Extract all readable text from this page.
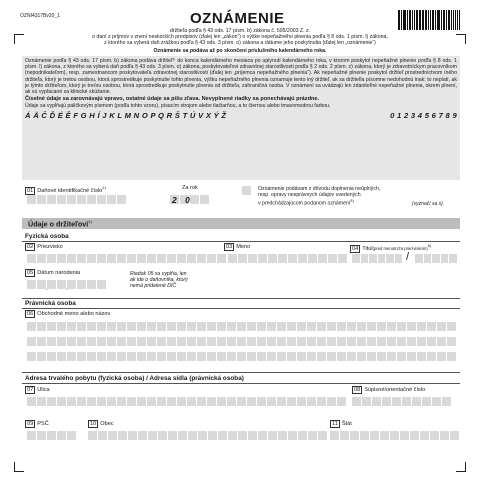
OZNI4317Bv20_1	OZNÁMENIE
držiteľa podľa § 43 ods. 17 písm. b) zákona č. 595/2003 Z. z.
o daní z príjmov v znení neskorších predpisov (ďalej len „zákon“) o výške nepeňažného plnenia podľa § 8 ods. 1 písm. l) zákona,
z ktorého sa vyberá daň zrážkou podľa § 43 ods. 3 písm. o) zákona a dátume jeho poskytnutia (ďalej len „oznámenie“)
Oznámenie sa podáva až po skončení príslušného kalendárneho roka.
Oznámenie podľa § 43 ods. 17 písm. b) zákona podáva držiteľ¹⁾ do konca kalendárneho mesiaca po uplynutí kalendárneho roka, v ktorom poskytol nepeňažné plnenie podľa § 8 ods. 1 písm. l) zákona, z ktorého sa vyberá daň podľa § 43 ods. 3 písm. o) zákona, poskytovateľovi zdravotnej starostlivosti podľa § 2 ods. 2 písm. z) zákona, ktorý je zdravotníckym pracovníkom (nepodnikateľom), resp. zamestnancom poskytovateľa zdravotnej starostlivosti (ďalej len „príjemca nepeňažného plnenia“). Ak nepeňažné plnenie poskytol držiteľ prostredníctvom iného držiteľa, ktorý je tretou osobou, ktorá sprostredkuje poskytnutie tohto plnenia, výšku nepeňažného plnenia oznamuje tento iný držiteľ, ak sa držiteľia písomne nedohodnú inak; to neplatí, ak je týmto držiteľom, ktorý je treťou osobou, ktorá sprostredkuje poskytnutie plnenia od držiteľa, zahraničná osoba. V oznámení sa uvádzajú len zdaniteľné nepeňažné plnenia, okrem plnení, ak sú vyplácané za klinické skúšanie.
Číselné údaje sa zarovnávajú vpravo, ostatné údaje sa píšu zľava. Nevyplnené riadky sa ponechávajú prázdne.
Údaje sa vypĺňajú paličkovým písmom (podľa tohto vzoru), písacím strojom alebo tlačiarňou, a to čiernou alebo tmavomodrou farbou.
Á Ä Č Ď É Ě F G H Í J K L M N O P Q R Š T Ú V X Ý Ž	0 1 2 3 4 5 6 7 8 9
01 Daňové identifikačné číslo$^{2)}$	Za rok
2 0
Oznámenie podávam z dôvodu doplnenia neúplných,
resp. opravy nesprávnych údajov uvedených
v predchádzajúcom podanom oznámení$^{3)}$
(vyznačí sa x)
Údaje o držiteľovi$^{4)}$
Fyzická osoba
02 Priezvisko	03 Meno	04 Titul(pred menom/za priezviskom)$^{5)}$
/
05 Dátum narodenia
.	.
Riadok 05 sa vypĺňa, len
ak ide o daňovníka, ktorý
nemá pridelené DIČ
Právnická osoba
06 Obchodné meno alebo názov
Adresa trvalého pobytu (fyzická osoba) / Adresa sídla (právnická osoba)
07 Ulica	08 Súpisné/orientačné číslo
09 PSČ	10 Obec	11 Štát
